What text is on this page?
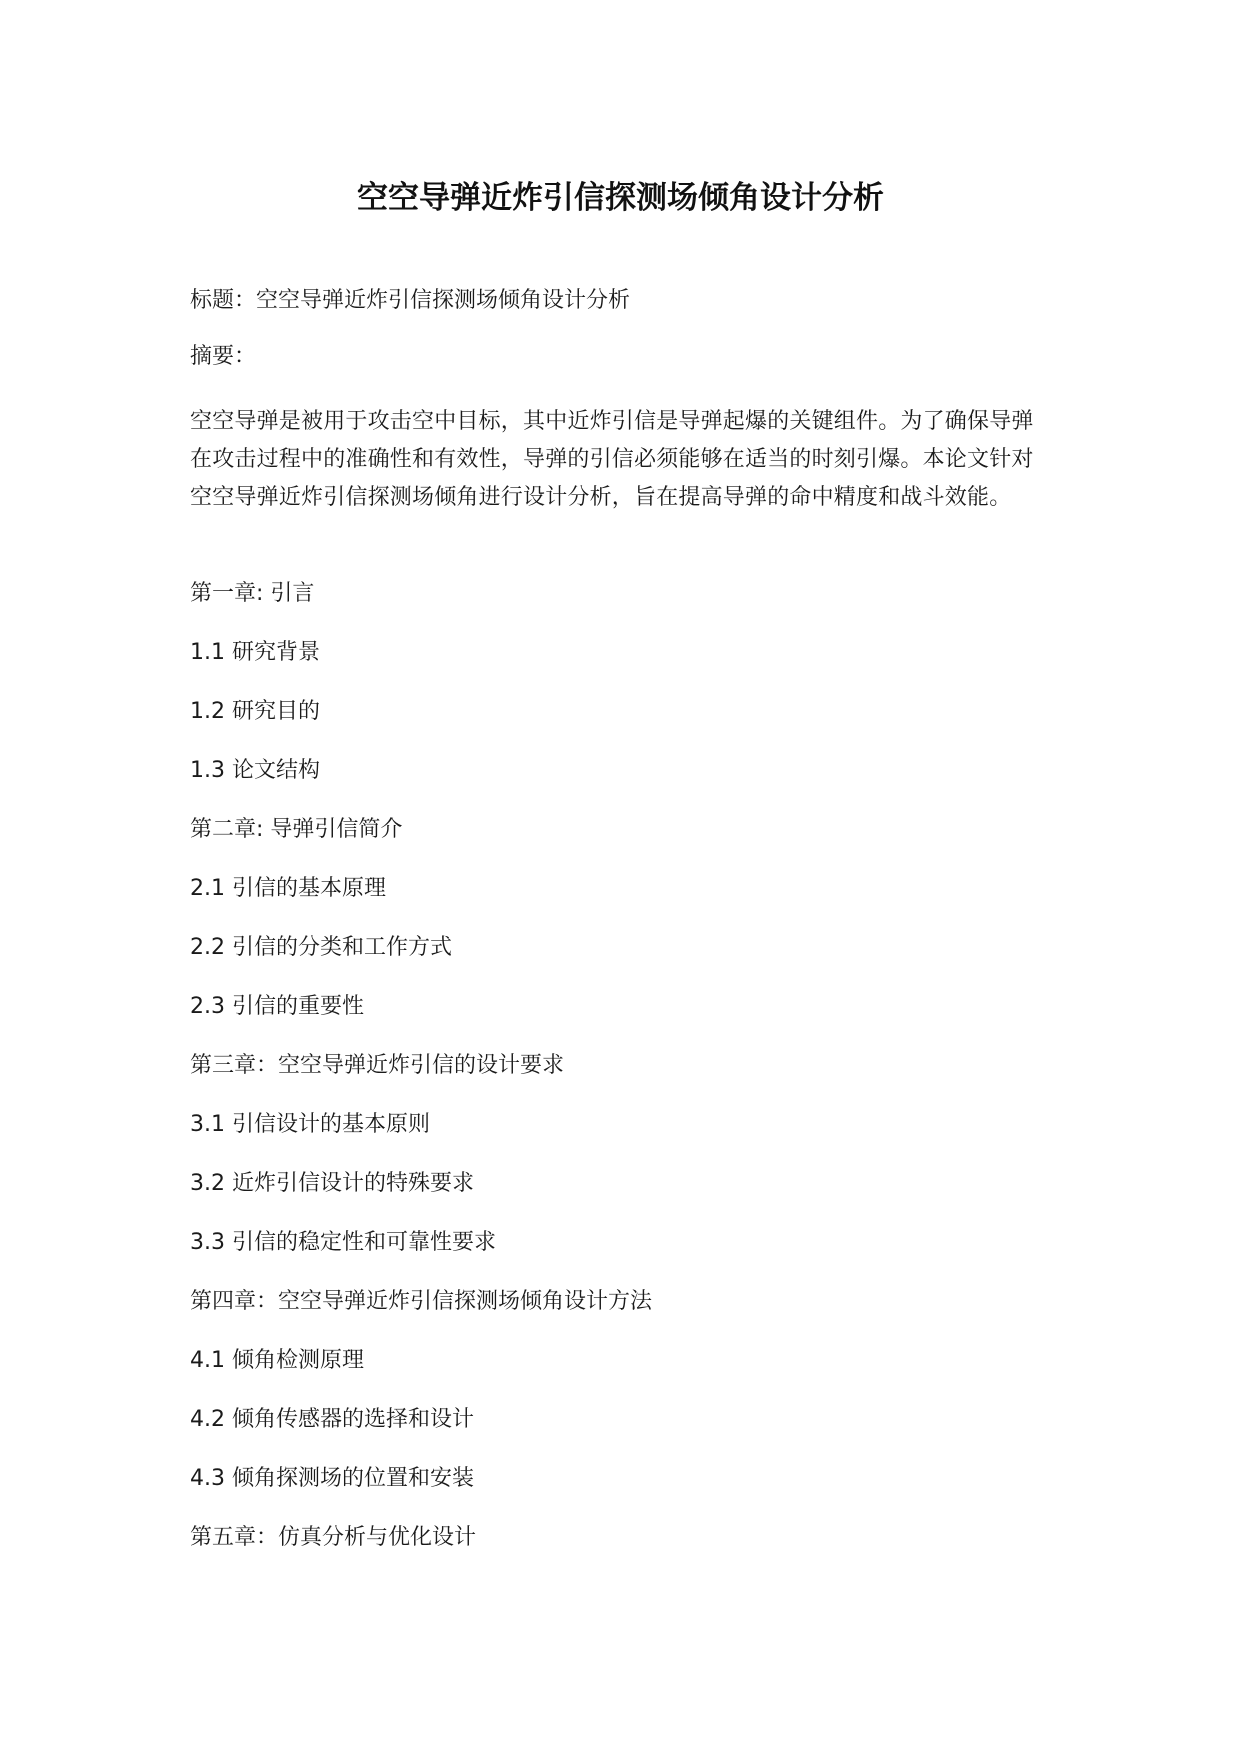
空空导弹近炸引信探测场倾角设计分析

标题：空空导弹近炸引信探测场倾角设计分析

摘要：

空空导弹是被用于攻击空中目标，其中近炸引信是导弹起爆的关键组件。为了确保导弹在攻击过程中的准确性和有效性，导弹的引信必须能够在适当的时刻引爆。本论文针对空空导弹近炸引信探测场倾角进行设计分析，旨在提高导弹的命中精度和战斗效能。

第一章: 引言

1.1 研究背景

1.2 研究目的

1.3 论文结构

第二章: 导弹引信简介

2.1 引信的基本原理

2.2 引信的分类和工作方式

2.3 引信的重要性

第三章：空空导弹近炸引信的设计要求

3.1 引信设计的基本原则

3.2 近炸引信设计的特殊要求

3.3 引信的稳定性和可靠性要求

第四章：空空导弹近炸引信探测场倾角设计方法

4.1 倾角检测原理

4.2 倾角传感器的选择和设计

4.3 倾角探测场的位置和安装

第五章：仿真分析与优化设计
